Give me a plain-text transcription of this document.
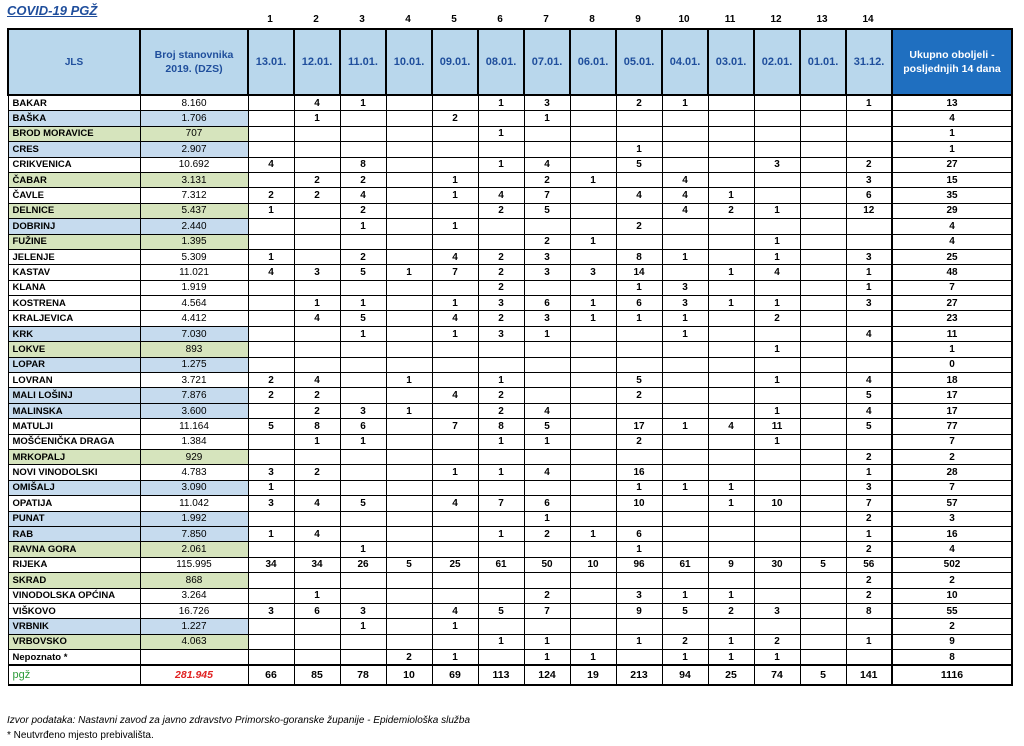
COVID-19 PGŽ
1	2	3	4	5	6	7	8	9	10	11	12	13	14
JLS	Broj stanovnika 2019. (DZS)	13.01.	12.01.	11.01.	10.01.	09.01.	08.01.	07.01.	06.01.	05.01.	04.01.	03.01.	02.01.	01.01.	31.12.	Ukupno oboljeli - posljednjih 14 dana
BAKAR	8.160		4	1			1	3		2	1				1	13
BAŠKA	1.706		1			2		1								4
BROD MORAVICE	707						1									1
CRES	2.907									1						1
CRIKVENICA	10.692	4		8			1	4		5			3		2	27
ČABAR	3.131		2	2		1		2	1		4				3	15
ČAVLE	7.312	2	2	4		1	4	7		4	4	1			6	35
DELNICE	5.437	1		2			2	5			4	2	1		12	29
DOBRINJ	2.440			1		1				2						4
FUŽINE	1.395							2	1				1			4
JELENJE	5.309	1		2		4	2	3		8	1		1		3	25
KASTAV	11.021	4	3	5	1	7	2	3	3	14		1	4		1	48
KLANA	1.919						2			1	3				1	7
KOSTRENA	4.564		1	1		1	3	6	1	6	3	1	1		3	27
KRALJEVICA	4.412		4	5		4	2	3	1	1	1		2			23
KRK	7.030			1		1	3	1			1				4	11
LOKVE	893												1			1
LOPAR	1.275															0
LOVRAN	3.721	2	4		1		1			5			1		4	18
MALI LOŠINJ	7.876	2	2			4	2			2					5	17
MALINSKA	3.600		2	3	1		2	4					1		4	17
MATULJI	11.164	5	8	6		7	8	5		17	1	4	11		5	77
MOŠĆENIČKA DRAGA	1.384		1	1			1	1		2			1			7
MRKOPALJ	929														2	2
NOVI VINODOLSKI	4.783	3	2			1	1	4		16					1	28
OMIŠALJ	3.090	1								1	1	1			3	7
OPATIJA	11.042	3	4	5		4	7	6		10		1	10		7	57
PUNAT	1.992							1							2	3
RAB	7.850	1	4				1	2	1	6					1	16
RAVNA GORA	2.061			1						1					2	4
RIJEKA	115.995	34	34	26	5	25	61	50	10	96	61	9	30	5	56	502
SKRAD	868														2	2
VINODOLSKA OPĆINA	3.264		1					2		3	1	1			2	10
VIŠKOVO	16.726	3	6	3		4	5	7		9	5	2	3		8	55
VRBNIK	1.227			1		1										2
VRBOVSKO	4.063						1	1		1	2	1	2		1	9
Nepoznato *					2	1		1	1		1	1	1			8
pgž	281.945	66	85	78	10	69	113	124	19	213	94	25	74	5	141	1116
Izvor podataka: Nastavni zavod za javno zdravstvo Primorsko-goranske županije - Epidemiološka služba
* Neutvrđeno mjesto prebivališta.
